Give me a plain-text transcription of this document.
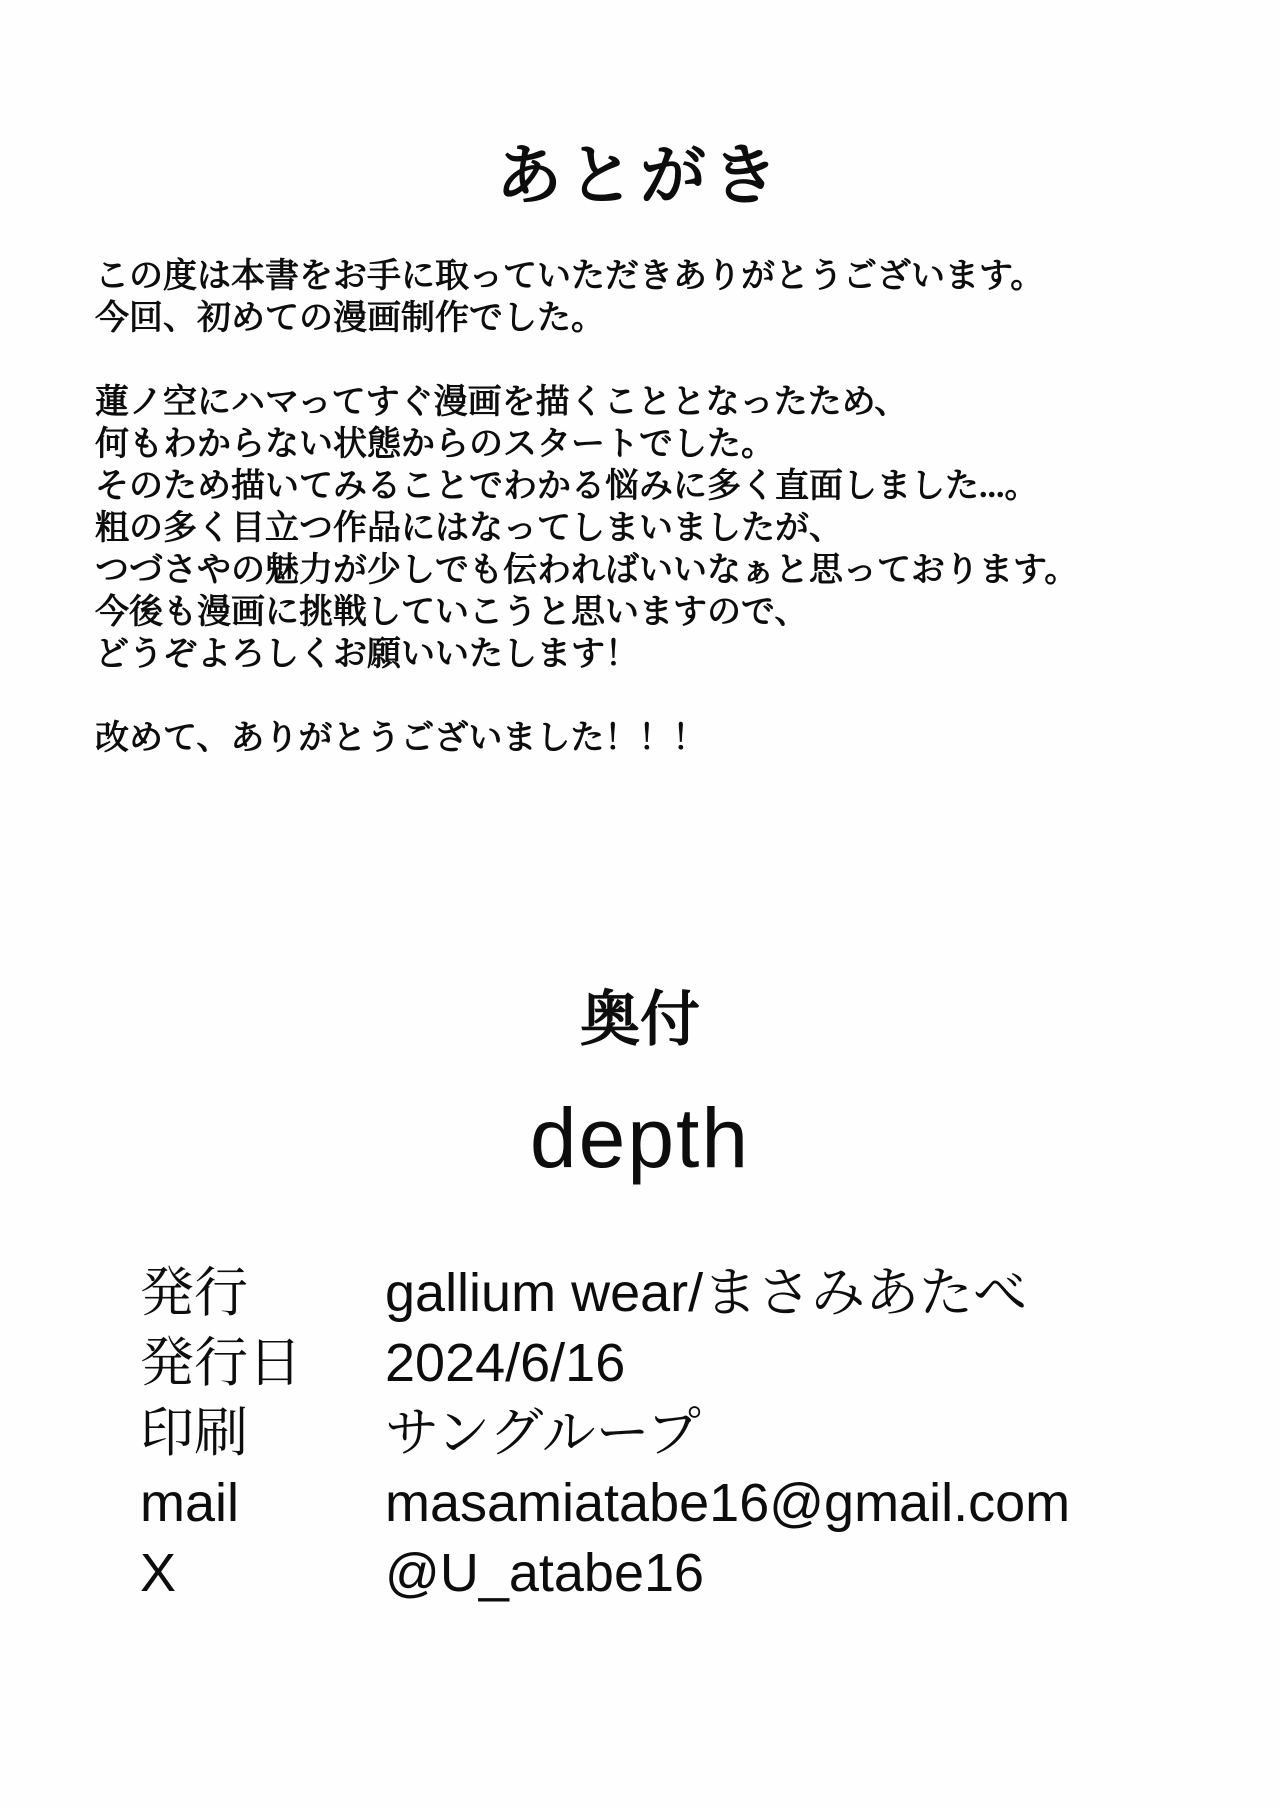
あとがき

この度は本書をお手に取っていただきありがとうございます。
今回、初めての漫画制作でした。

蓮ノ空にハマってすぐ漫画を描くこととなったため、
何もわからない状態からのスタートでした。
そのため描いてみることでわかる悩みに多く直面しました...。
粗の多く目立つ作品にはなってしまいましたが、
つづさやの魅力が少しでも伝わればいいなぁと思っております。
今後も漫画に挑戦していこうと思いますので、
どうぞよろしくお願いいたします！

改めて、ありがとうございました！！！

奥付
depth
発行	gallium wear/まさみあたべ
発行日	2024/6/16
印刷	サングループ
mail	masamiatabe16@gmail.com
X	@U_atabe16
